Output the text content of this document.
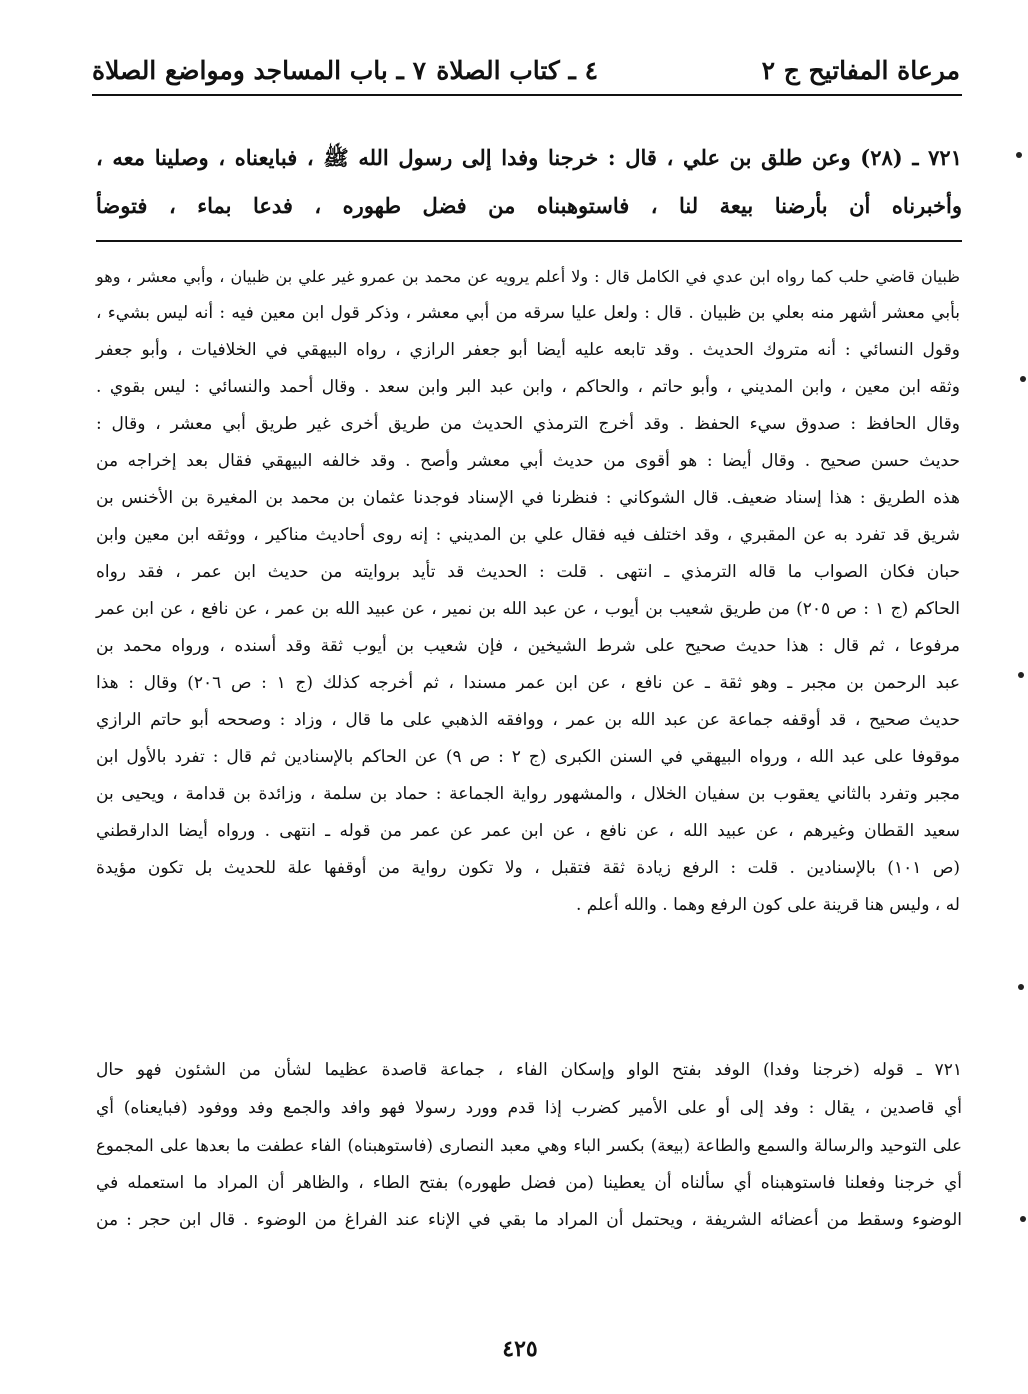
مرعاة المفاتيح ج ٢
٤ ـ كتاب الصلاة
٧ ـ باب المساجد ومواضع الصلاة

٧٢١ ـ (٢٨) وعن طلق بن علي ، قال : خرجنا وفدا إلى رسول الله ﷺ ، فبايعناه ، وصلينا معه ،

وأخبرناه أن بأرضنا بيعة لنا ، فاستوهبناه من فضل طهوره ، فدعا بماء ، فتوضأ

ظبيان قاضي حلب كما رواه ابن عدي في الكامل قال : ولا أعلم يرويه عن محمد بن عمرو غير علي بن ظبيان ، وأبي معشر ، وهو

بأبي معشر أشهر منه بعلي بن ظبيان . قال : ولعل عليا سرقه من أبي معشر ، وذكر قول ابن معين فيه : أنه ليس بشيء ،

وقول النسائي : أنه متروك الحديث . وقد تابعه عليه أيضا أبو جعفر الرازي ، رواه البيهقي في الخلافيات ، وأبو جعفر

وثقه ابن معين ، وابن المديني ، وأبو حاتم ، والحاكم ، وابن عبد البر وابن سعد . وقال أحمد والنسائي : ليس بقوي .

وقال الحافظ : صدوق سيء الحفظ . وقد أخرج الترمذي الحديث من طريق أخرى غير طريق أبي معشر ، وقال :

حديث حسن صحيح . وقال أيضا : هو أقوى من حديث أبي معشر وأصح . وقد خالفه البيهقي فقال بعد إخراجه من

هذه الطريق : هذا إسناد ضعيف. قال الشوكاني : فنظرنا في الإسناد فوجدنا عثمان بن محمد بن المغيرة بن الأخنس بن

شريق قد تفرد به عن المقبري ، وقد اختلف فيه فقال علي بن المديني : إنه روى أحاديث مناكير ، ووثقه ابن معين وابن

حبان فكان الصواب ما قاله الترمذي ـ انتهى . قلت : الحديث قد تأيد بروايته من حديث ابن عمر ، فقد رواه

الحاكم (ج ١ : ص ٢٠٥) من طريق شعيب بن أيوب ، عن عبد الله بن نمير ، عن عبيد الله بن عمر ، عن نافع ، عن ابن عمر

مرفوعا ، ثم قال : هذا حديث صحيح على شرط الشيخين ، فإن شعيب بن أيوب ثقة وقد أسنده ، ورواه محمد بن

عبد الرحمن بن مجبر ـ وهو ثقة ـ عن نافع ، عن ابن عمر مسندا ، ثم أخرجه كذلك (ج ١ : ص ٢٠٦) وقال : هذا

حديث صحيح ، قد أوقفه جماعة عن عبد الله بن عمر ، ووافقه الذهبي على ما قال ، وزاد : وصححه أبو حاتم الرازي

موقوفا على عبد الله ، ورواه البيهقي في السنن الكبرى (ج ٢ : ص ٩) عن الحاكم بالإسنادين ثم قال : تفرد بالأول ابن

مجبر وتفرد بالثاني يعقوب بن سفيان الخلال ، والمشهور رواية الجماعة : حماد بن سلمة ، وزائدة بن قدامة ، ويحيى بن

سعيد القطان وغيرهم ، عن عبيد الله ، عن نافع ، عن ابن عمر عن عمر من قوله ـ انتهى . ورواه أيضا الدارقطني

(ص ١٠١) بالإسنادين . قلت : الرفع زيادة ثقة فتقبل ، ولا تكون رواية من أوقفها علة للحديث بل تكون مؤيدة

له ، وليس هنا قرينة على كون الرفع وهما . والله أعلم .

٧٢١ ـ قوله (خرجنا وفدا) الوفد بفتح الواو وإسكان الفاء ، جماعة قاصدة عظيما لشأن من الشئون فهو حال

أي قاصدين ، يقال : وفد إلى أو على الأمير كضرب إذا قدم وورد رسولا فهو وافد والجمع وفد ووفود (فبايعناه) أي

على التوحيد والرسالة والسمع والطاعة (بيعة) بكسر الباء وهي معبد النصارى (فاستوهبناه) الفاء عطفت ما بعدها على المجموع

أي خرجنا وفعلنا فاستوهبناه أي سألناه أن يعطينا (من فضل طهوره) بفتح الطاء ، والظاهر أن المراد ما استعمله في

الوضوء وسقط من أعضائه الشريفة ، ويحتمل أن المراد ما بقي في الإناء عند الفراغ من الوضوء . قال ابن حجر : من

٤٢٥
